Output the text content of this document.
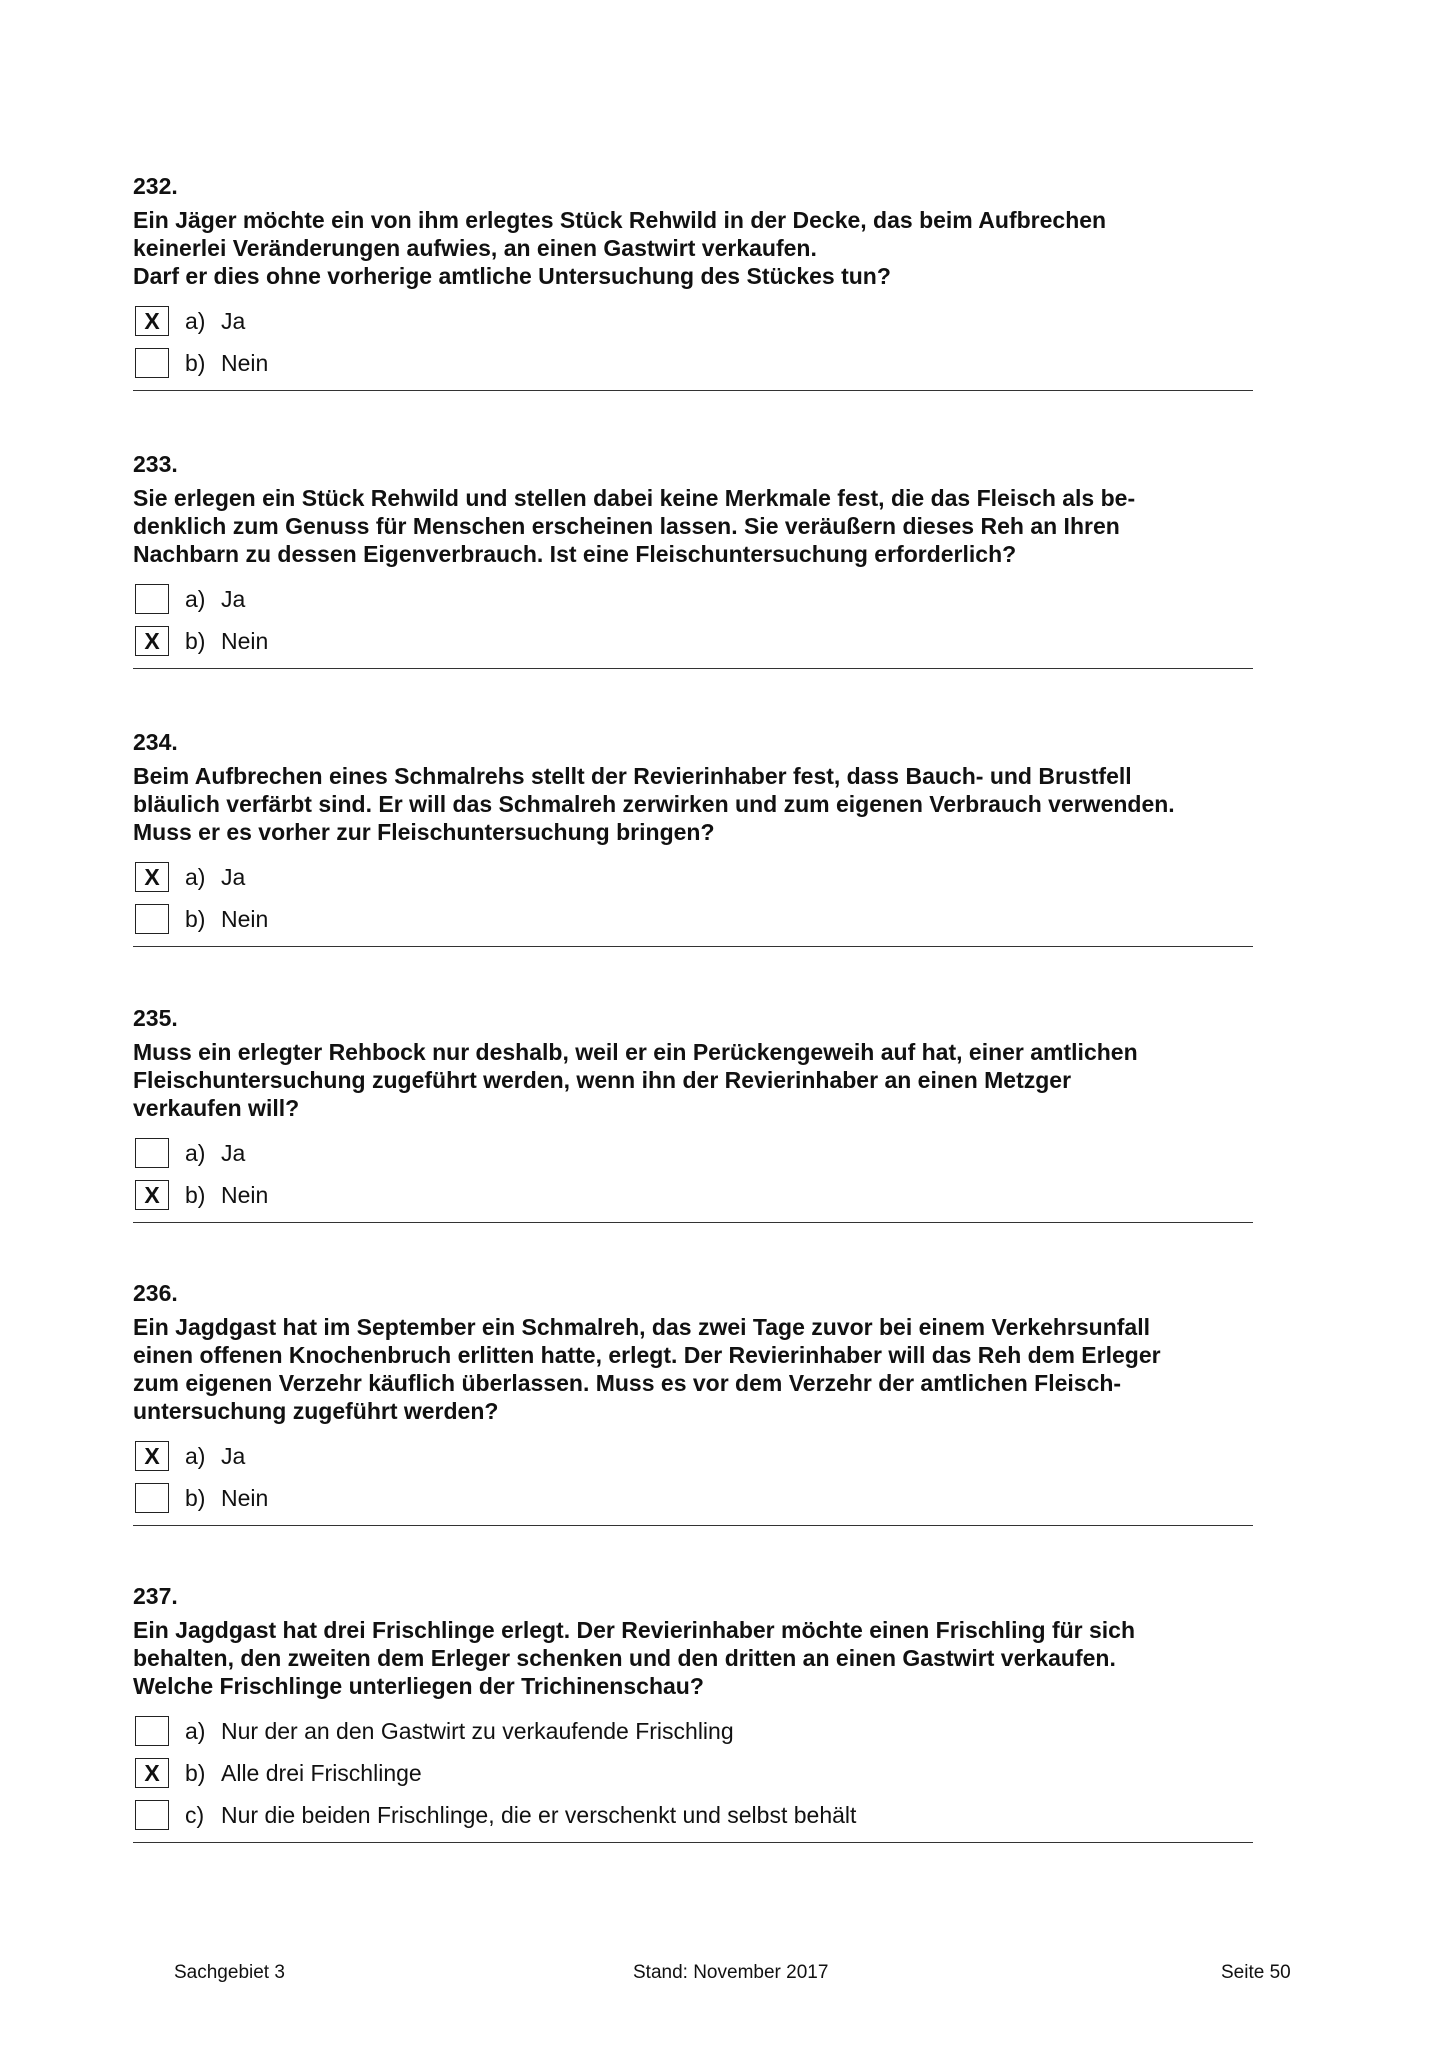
232.

Ein Jäger möchte ein von ihm erlegtes Stück Rehwild in der Decke, das beim Aufbrechen
keinerlei Veränderungen aufwies, an einen Gastwirt verkaufen.
Darf er dies ohne vorherige amtliche Untersuchung des Stückes tun?

X	a) Ja
b) Nein

233.

Sie erlegen ein Stück Rehwild und stellen dabei keine Merkmale fest, die das Fleisch als be-
denklich zum Genuss für Menschen erscheinen lassen. Sie veräußern dieses Reh an Ihren
Nachbarn zu dessen Eigenverbrauch. Ist eine Fleischuntersuchung erforderlich?

a) Ja
X	b) Nein

234.

Beim Aufbrechen eines Schmalrehs stellt der Revierinhaber fest, dass Bauch- und Brustfell
bläulich verfärbt sind. Er will das Schmalreh zerwirken und zum eigenen Verbrauch verwenden.
Muss er es vorher zur Fleischuntersuchung bringen?

X	a) Ja
b) Nein

235.

Muss ein erlegter Rehbock nur deshalb, weil er ein Perückengeweih auf hat, einer amtlichen
Fleischuntersuchung zugeführt werden, wenn ihn der Revierinhaber an einen Metzger
verkaufen will?

a) Ja
X	b) Nein

236.

Ein Jagdgast hat im September ein Schmalreh, das zwei Tage zuvor bei einem Verkehrsunfall
einen offenen Knochenbruch erlitten hatte, erlegt. Der Revierinhaber will das Reh dem Erleger
zum eigenen Verzehr käuflich überlassen. Muss es vor dem Verzehr der amtlichen Fleisch-
untersuchung zugeführt werden?

X	a) Ja
b) Nein

237.

Ein Jagdgast hat drei Frischlinge erlegt. Der Revierinhaber möchte einen Frischling für sich
behalten, den zweiten dem Erleger schenken und den dritten an einen Gastwirt verkaufen.
Welche Frischlinge unterliegen der Trichinenschau?

a) Nur der an den Gastwirt zu verkaufende Frischling
X	b) Alle drei Frischlinge
c) Nur die beiden Frischlinge, die er verschenkt und selbst behält
Sachgebiet 3	Stand: November 2017	Seite 50
